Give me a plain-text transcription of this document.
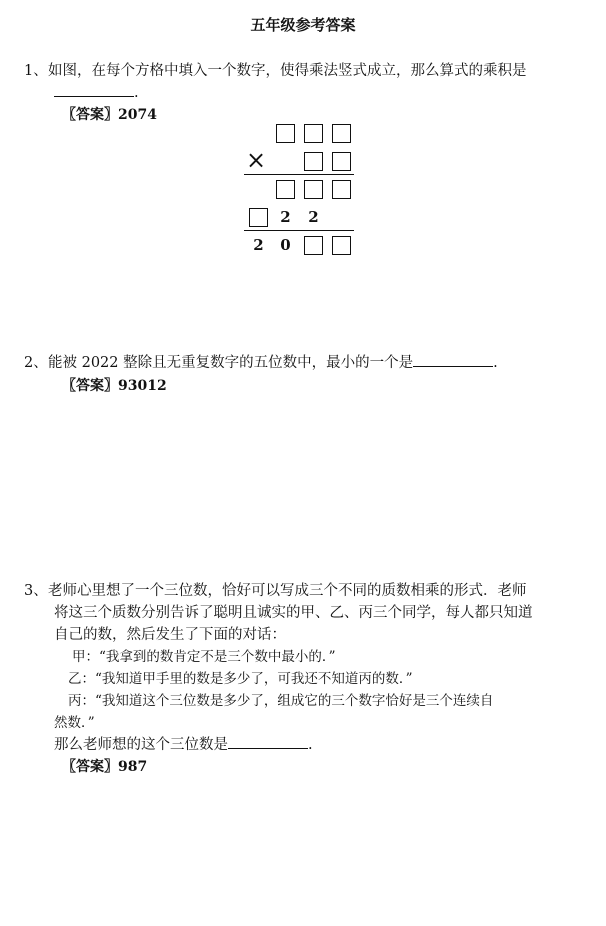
五年级参考答案
1、 如图，在每个方格中填入一个数字，使得乘法竖式成立，那么算式的乘积是
.
〖答案〗2074
×
2 2
2 0
2、 能被 2022 整除且无重复数字的五位数中，最小的一个是	.
〖答案〗93012
3、 老师心里想了一个三位数，恰好可以写成三个不同的质数相乘的形式．老师
将这三个质数分别告诉了聪明且诚实的甲、乙、丙三个同学，每人都只知道
自己的数，然后发生了下面的对话：
甲：“我拿到的数肯定不是三个数中最小的．”
乙：“我知道甲手里的数是多少了，可我还不知道丙的数．”
丙：“我知道这个三位数是多少了，组成它的三个数字恰好是三个连续自
然数．”
那么老师想的这个三位数是	.
〖答案〗987
